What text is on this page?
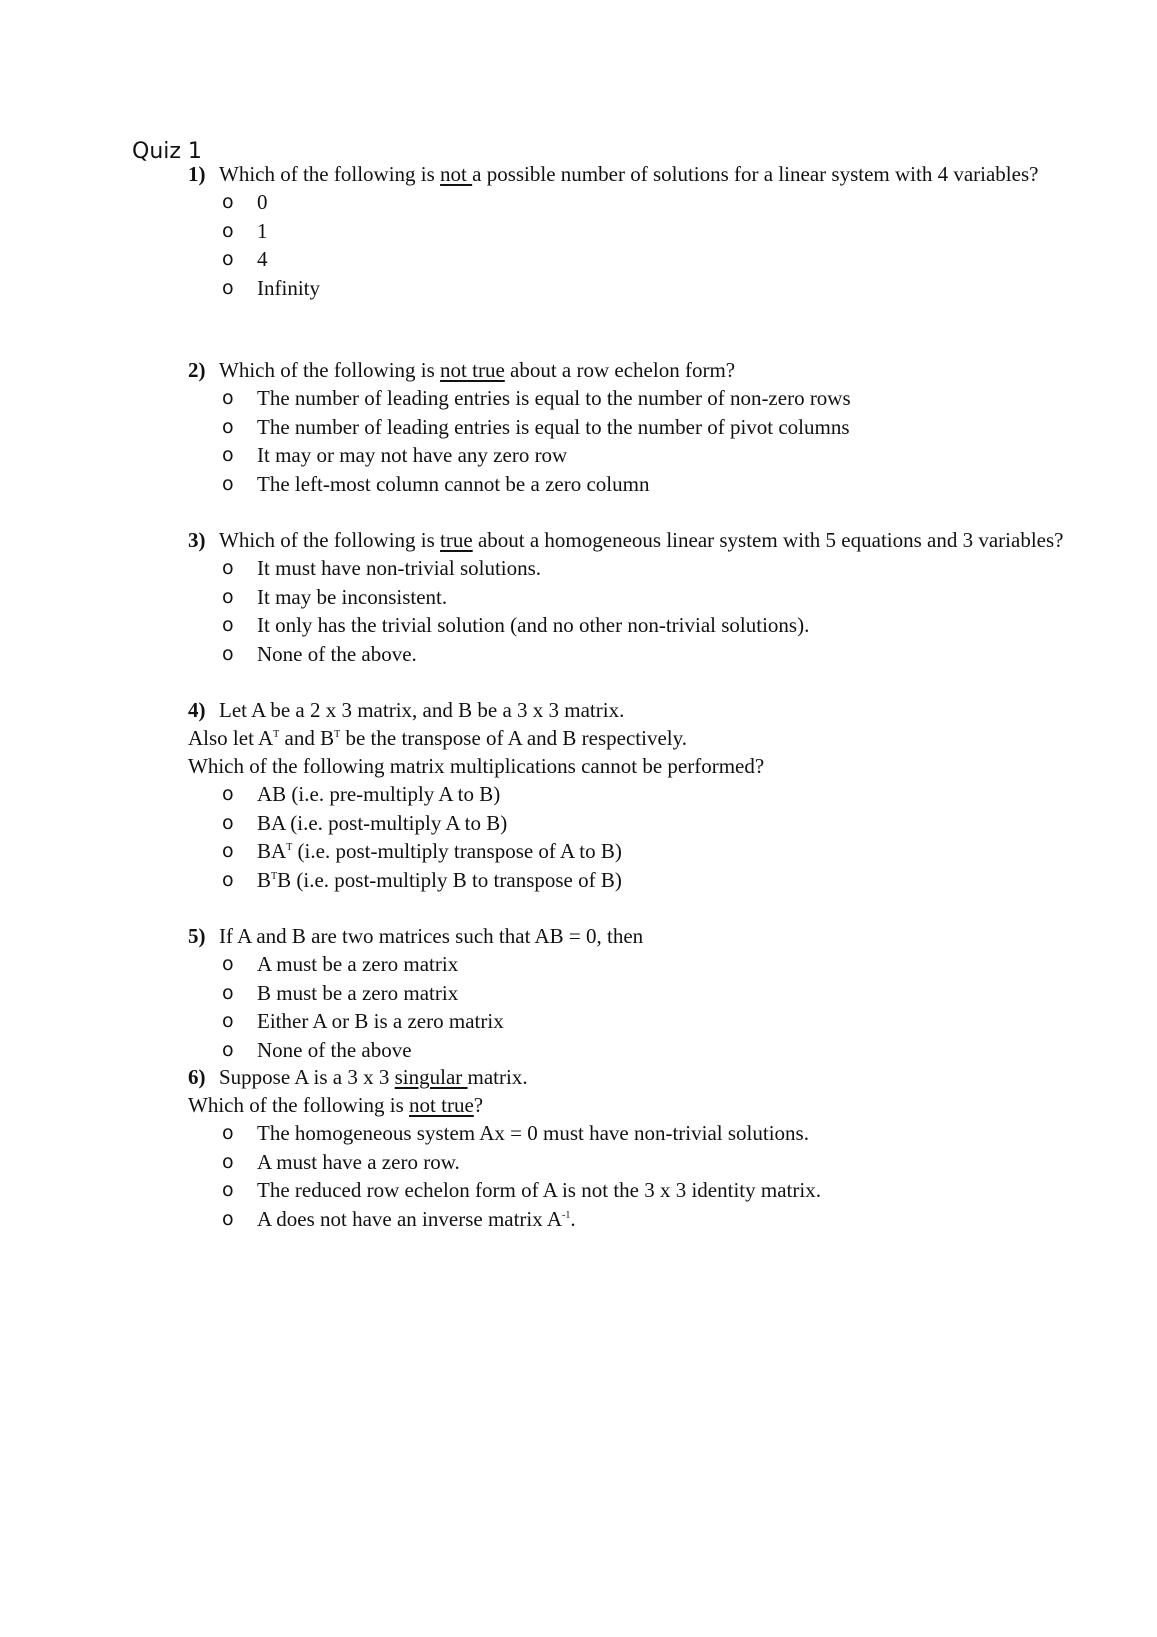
Quiz 1
1) Which of the following is not a possible number of solutions for a linear system with 4 variables?
o 0
o 1
o 4
o Infinity
2) Which of the following is not true about a row echelon form?
o The number of leading entries is equal to the number of non-zero rows
o The number of leading entries is equal to the number of pivot columns
o It may or may not have any zero row
o The left-most column cannot be a zero column
3) Which of the following is true about a homogeneous linear system with 5 equations and 3 variables?
o It must have non-trivial solutions.
o It may be inconsistent.
o It only has the trivial solution (and no other non-trivial solutions).
o None of the above.
4) Let A be a 2 x 3 matrix, and B be a 3 x 3 matrix.
Also let $A^T$ and $B^T$ be the transpose of A and B respectively.
Which of the following matrix multiplications cannot be performed?
o AB (i.e. pre-multiply A to B)
o BA (i.e. post-multiply A to B)
o $BA^T$ (i.e. post-multiply transpose of A to B)
o $B^TB$ (i.e. post-multiply B to transpose of B)
5) If A and B are two matrices such that AB = 0, then
o A must be a zero matrix
o B must be a zero matrix
o Either A or B is a zero matrix
o None of the above
6) Suppose A is a 3 x 3 singular matrix.
Which of the following is not true?
o The homogeneous system Ax = 0 must have non-trivial solutions.
o A must have a zero row.
o The reduced row echelon form of A is not the 3 x 3 identity matrix.
o A does not have an inverse matrix $A^{-1}$.
